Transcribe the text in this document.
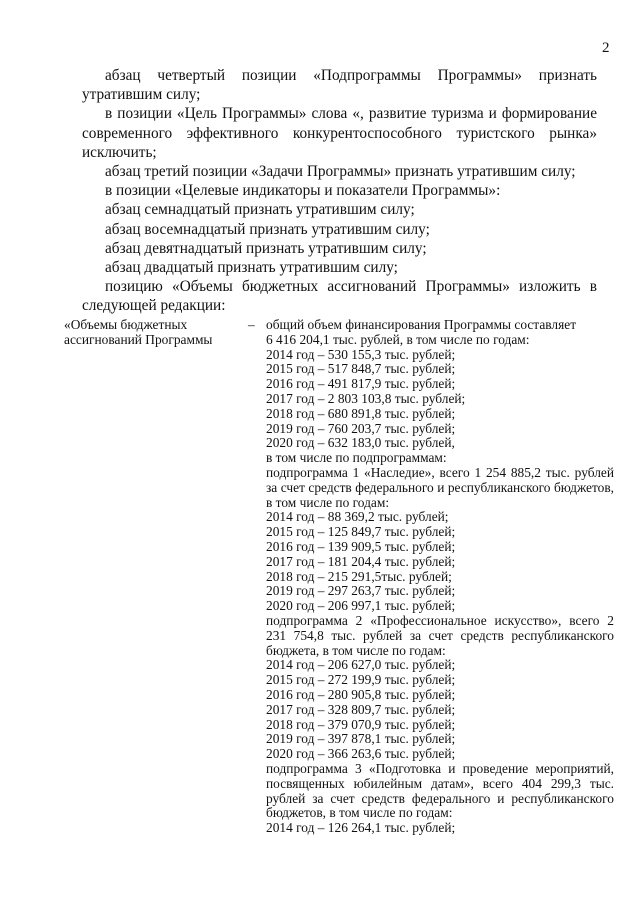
2

абзац четвертый позиции «Подпрограммы Программы» признать утратившим силу;

в позиции «Цель Программы» слова «, развитие туризма и формирование современного эффективного конкурентоспособного туристского рынка» исключить;

абзац третий позиции «Задачи Программы» признать утратившим силу;

в позиции «Целевые индикаторы и показатели Программы»:

абзац семнадцатый признать утратившим силу;

абзац восемнадцатый признать утратившим силу;

абзац девятнадцатый признать утратившим силу;

абзац двадцатый признать утратившим силу;

позицию «Объемы бюджетных ассигнований Программы» изложить в следующей редакции:

«Объемы бюджетных ассигнований Программы
– общий объем финансирования Программы составляет

6 416 204,1 тыс. рублей, в том числе по годам:

2014 год – 530 155,3 тыс. рублей;

2015 год – 517 848,7 тыс. рублей;

2016 год – 491 817,9 тыс. рублей;

2017 год – 2 803 103,8 тыс. рублей;

2018 год – 680 891,8 тыс. рублей;

2019 год – 760 203,7 тыс. рублей;

2020 год – 632 183,0 тыс. рублей,

в том числе по подпрограммам:

подпрограмма 1 «Наследие», всего 1 254 885,2 тыс. рублей за счет средств федерального и республиканского бюджетов, в том числе по годам:

2014 год – 88 369,2 тыс. рублей;

2015 год – 125 849,7 тыс. рублей;

2016 год – 139 909,5 тыс. рублей;

2017 год – 181 204,4 тыс. рублей;

2018 год – 215 291,5тыс. рублей;

2019 год – 297 263,7 тыс. рублей;

2020 год – 206 997,1 тыс. рублей;

подпрограмма 2 «Профессиональное искусство», всего 2 231 754,8 тыс. рублей за счет средств республиканского бюджета, в том числе по годам:

2014 год – 206 627,0 тыс. рублей;

2015 год – 272 199,9 тыс. рублей;

2016 год – 280 905,8 тыс. рублей;

2017 год – 328 809,7 тыс. рублей;

2018 год – 379 070,9 тыс. рублей;

2019 год – 397 878,1 тыс. рублей;

2020 год – 366 263,6 тыс. рублей;

подпрограмма 3 «Подготовка и проведение мероприятий, посвященных юбилейным датам», всего 404 299,3 тыс. рублей за счет средств федерального и республиканского бюджетов, в том числе по годам:

2014 год – 126 264,1 тыс. рублей;
